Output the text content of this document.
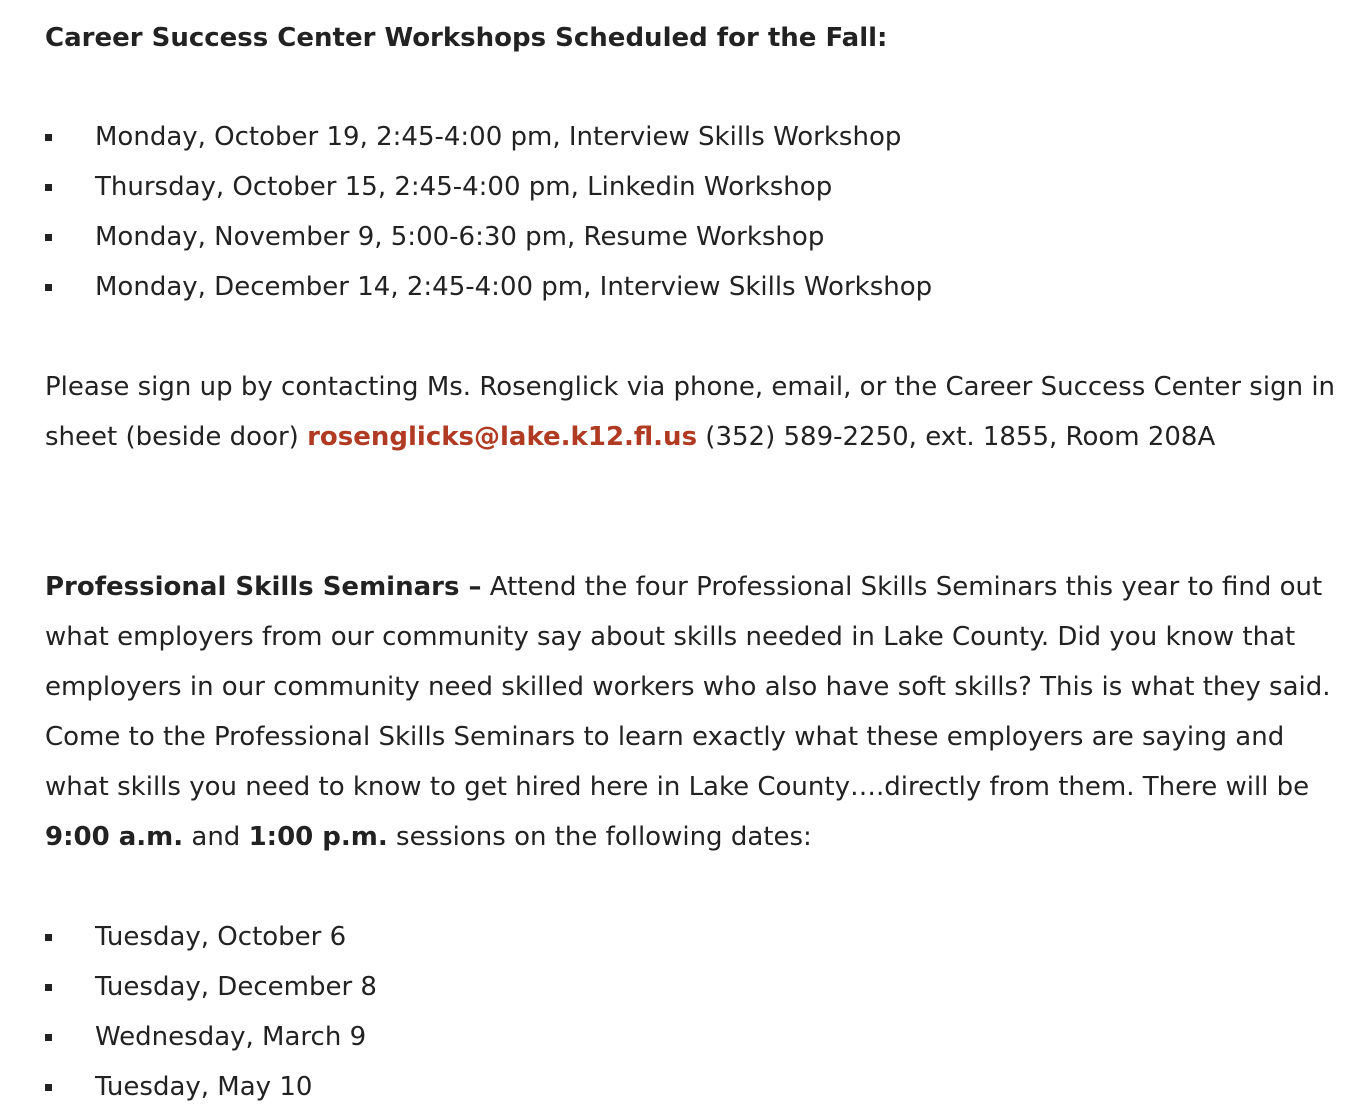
Career Success Center Workshops Scheduled for the Fall:
Monday, October 19, 2:45-4:00 pm, Interview Skills Workshop
Thursday, October 15, 2:45-4:00 pm, Linkedin Workshop
Monday, November 9, 5:00-6:30 pm, Resume Workshop
Monday, December 14, 2:45-4:00 pm, Interview Skills Workshop

Please sign up by contacting Ms. Rosenglick via phone, email, or the Career Success Center sign in sheet (beside door) rosenglicks@lake.k12.fl.us (352) 589-2250, ext. 1855, Room 208A

Professional Skills Seminars – Attend the four Professional Skills Seminars this year to find out what employers from our community say about skills needed in Lake County. Did you know that employers in our community need skilled workers who also have soft skills? This is what they said. Come to the Professional Skills Seminars to learn exactly what these employers are saying and what skills you need to know to get hired here in Lake County….directly from them. There will be 9:00 a.m. and 1:00 p.m. sessions on the following dates:

Tuesday, October 6
Tuesday, December 8
Wednesday, March 9
Tuesday, May 10
